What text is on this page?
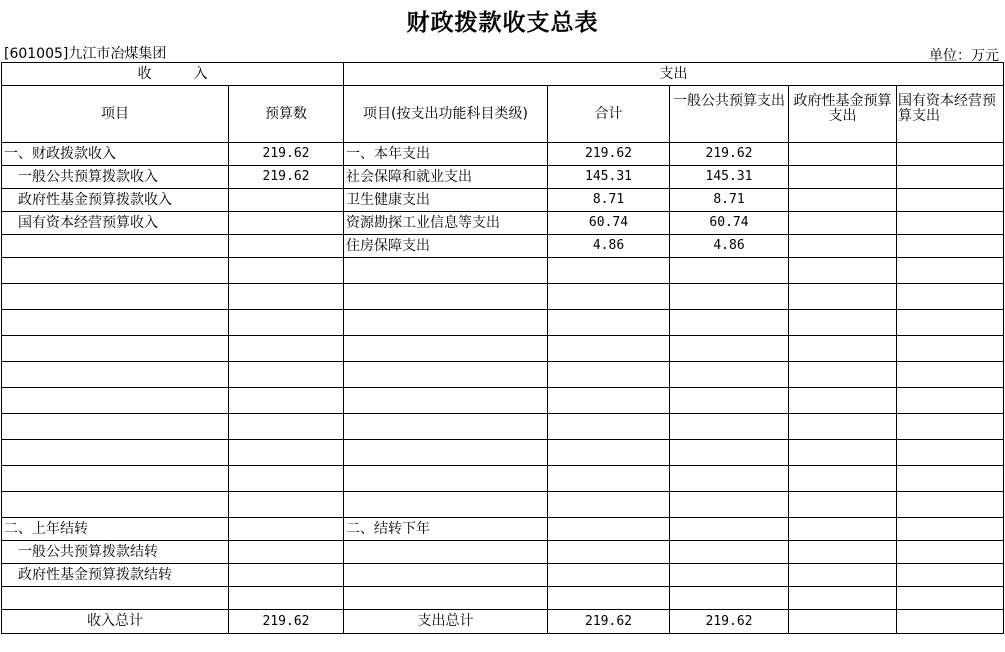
财政拨款收支总表
[601005]九江市冶煤集团	单位：万元
收　　　入		支出				
项目	预算数	项目(按支出功能科目类级)	合计	一般公共预算支出	政府性基金预算支出	国有资本经营预算支出
一、财政拨款收入	219.62	一、本年支出	219.62	219.62		
一般公共预算拨款收入	219.62	社会保障和就业支出	145.31	145.31		
政府性基金预算拨款收入		卫生健康支出	8.71	8.71		
国有资本经营预算收入		资源勘探工业信息等支出	60.74	60.74		
		住房保障支出	4.86	4.86		

二、上年结转		二、结转下年				
一般公共预算拨款结转						
政府性基金预算拨款结转						

收入总计	219.62	支出总计	219.62	219.62		
